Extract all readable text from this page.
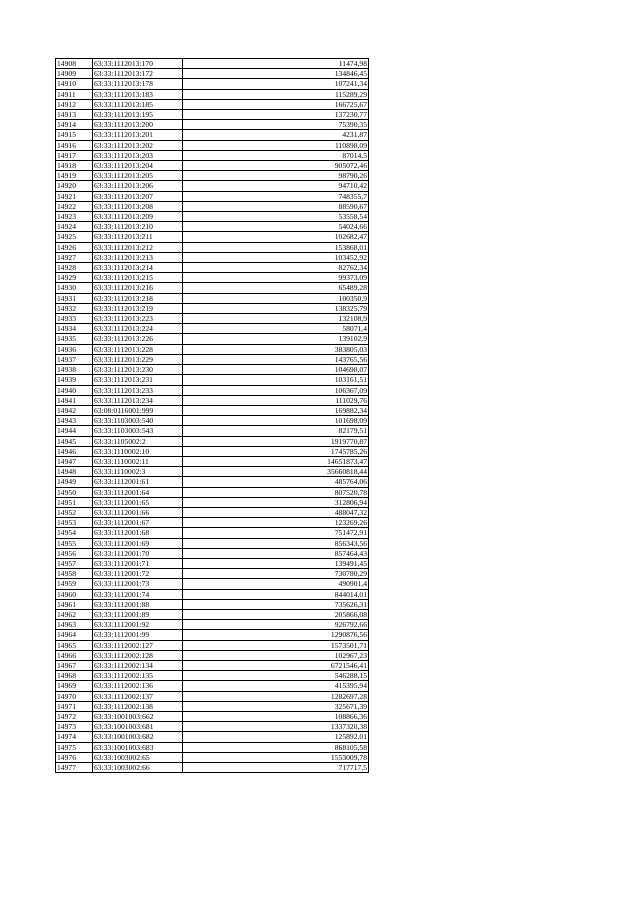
14908	63:33:1112013:170	11474,98
14909	63:33:1112013:172	134846,45
14910	63:33:1112013:178	107241,34
14911	63:33:1112013:183	115289,29
14912	63:33:1112013:185	166725,67
14913	63:33:1112013:195	137230,77
14914	63:33:1112013:200	75390,35
14915	63:33:1112013:201	4231,87
14916	63:33:1112013:202	110898,09
14917	63:33:1112013:203	87014,5
14918	63:33:1112013:204	905072,46
14919	63:33:1112013:205	98790,26
14920	63:33:1112013:206	94710,42
14921	63:33:1112013:207	748355,7
14922	63:33:1112013:208	88590,67
14923	63:33:1112013:209	53558,54
14924	63:33:1112013:210	54024,66
14925	63:33:1112013:211	102682,47
14926	63:33:1112013:212	153868,01
14927	63:33:1112013:213	103452,92
14928	63:33:1112013:214	82762,34
14929	63:33:1112013:215	99373,09
14930	63:33:1112013:216	65489,28
14931	63:33:1112013:218	100350,9
14932	63:33:1112013:219	138325,79
14933	63:33:1112013:223	132108,9
14934	63:33:1112013:224	58071,4
14935	63:33:1112013:226	139102,9
14936	63:33:1112013:228	383805,03
14937	63:33:1112013:229	143765,56
14938	63:33:1112013:230	104698,07
14939	63:33:1112013:231	103161,51
14940	63:33:1112013:233	106367,09
14941	63:33:1112013:234	111029,76
14942	63:08:0116001:999	169882,34
14943	63:33:1103003:540	101698,09
14944	63:33:1103003:543	82179,51
14945	63:33:1105002:2	1919770,87
14946	63:33:1110002:10	1745785,26
14947	63:33:1110002:11	14651873,47
14948	63:33:1110002:3	35660818,44
14949	63:33:1112001:61	485764,06
14950	63:33:1112001:64	807520,78
14951	63:33:1112001:65	312806,94
14952	63:33:1112001:66	488047,32
14953	63:33:1112001:67	123269,26
14954	63:33:1112001:68	751472,91
14955	63:33:1112001:69	856343,56
14956	63:33:1112001:70	857464,43
14957	63:33:1112001:71	139491,45
14958	63:33:1112001:72	730780,29
14959	63:33:1112001:73	490901,4
14960	63:33:1112001:74	844014,01
14961	63:33:1112001:88	735626,31
14962	63:33:1112001:89	205866,08
14963	63:33:1112001:92	926792,66
14964	63:33:1112001:99	1290876,56
14965	63:33:1112002:127	1573501,71
14966	63:33:1112002:128	102967,23
14967	63:33:1112002:134	6721546,41
14968	63:33:1112002:135	546288,15
14969	63:33:1112002:136	415395,94
14970	63:33:1112002:137	1282697,28
14971	63:33:1112002:138	325671,39
14972	63:33:1001003:662	108866,36
14973	63:33:1001003:681	1337320,38
14974	63:33:1001003:682	125892,01
14975	63:33:1001003:683	868105,58
14976	63:33:1003002:65	1553009,78
14977	63:33:1003002:66	717717,5
